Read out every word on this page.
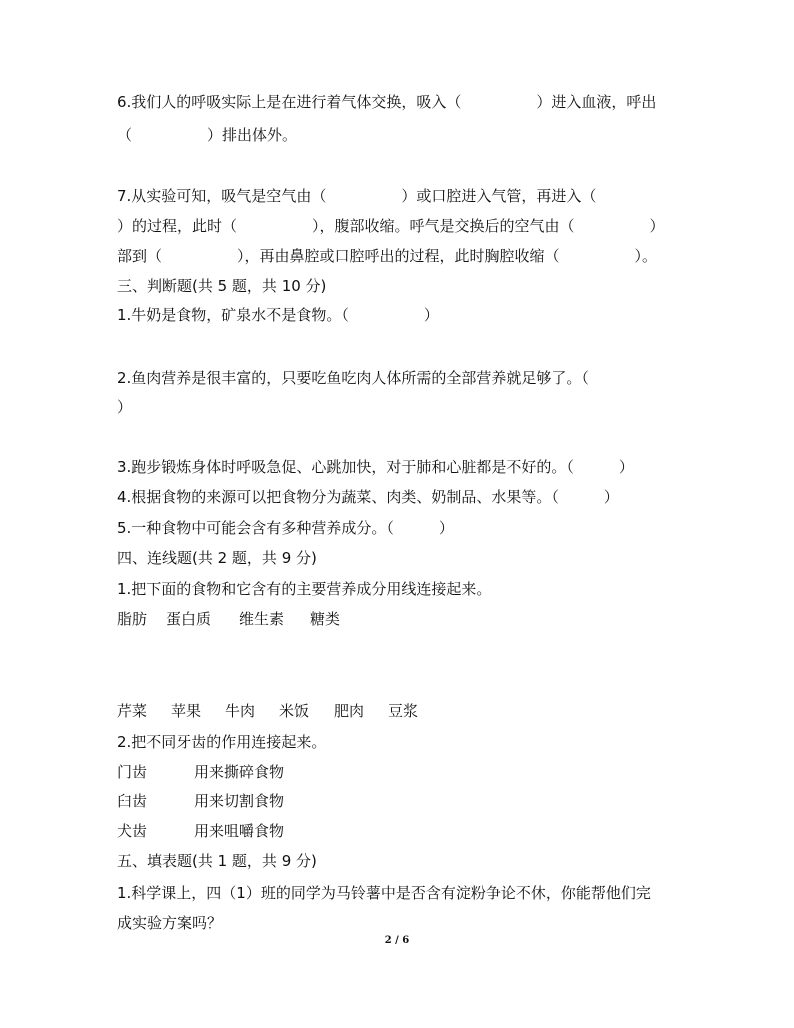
6.我们人的呼吸实际上是在进行着气体交换，吸入（　　　　　）进入血液，呼出

（　　　　　）排出体外。

7.从实验可知，吸气是空气由（　　　　　）或口腔进入气管，再进入（

）的过程，此时（　　　　　），腹部收缩。呼气是交换后的空气由（　　　　　）

部到（　　　　　），再由鼻腔或口腔呼出的过程，此时胸腔收缩（　　　　　）。

三、判断题(共 5 题，共 10 分)

1.牛奶是食物，矿泉水不是食物。（　　　　　）

2.鱼肉营养是很丰富的，只要吃鱼吃肉人体所需的全部营养就足够了。（

）

3.跑步锻炼身体时呼吸急促、心跳加快，对于肺和心脏都是不好的。（　　　）

4.根据食物的来源可以把食物分为蔬菜、肉类、奶制品、水果等。（　　　）

5.一种食物中可能会含有多种营养成分。（　　　）

四、连线题(共 2 题，共 9 分)

1.把下面的食物和它含有的主要营养成分用线连接起来。

脂肪 蛋白质 维生素 糖类
芹菜 苹果 牛肉 米饭 肥肉 豆浆

2.把不同牙齿的作用连接起来。

门齿	用来撕碎食物
臼齿	用来切割食物
犬齿	用来咀嚼食物

五、填表题(共 1 题，共 9 分)

1.科学课上，四（1）班的同学为马铃薯中是否含有淀粉争论不休，你能帮他们完

成实验方案吗？

2 / 6
